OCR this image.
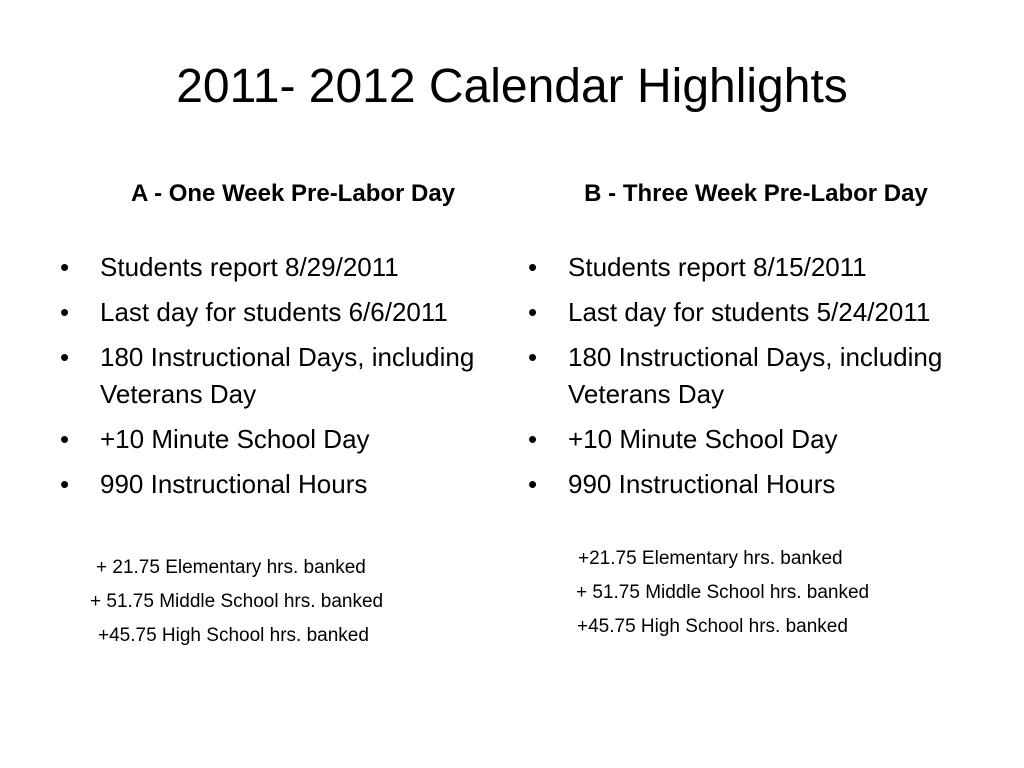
2011- 2012 Calendar Highlights
A - One Week Pre-Labor Day
• Students report 8/29/2011
• Last day for students 6/6/2011
• 180 Instructional Days, including Veterans Day
• +10 Minute School Day
• 990 Instructional Hours
+ 21.75 Elementary hrs. banked
+ 51.75 Middle School hrs. banked
+45.75 High School hrs. banked
B - Three Week Pre-Labor Day
• Students report 8/15/2011
• Last day for students 5/24/2011
• 180 Instructional Days, including Veterans Day
• +10 Minute School Day
• 990 Instructional Hours
+21.75 Elementary hrs. banked
+ 51.75 Middle School hrs. banked
+45.75 High School hrs. banked
